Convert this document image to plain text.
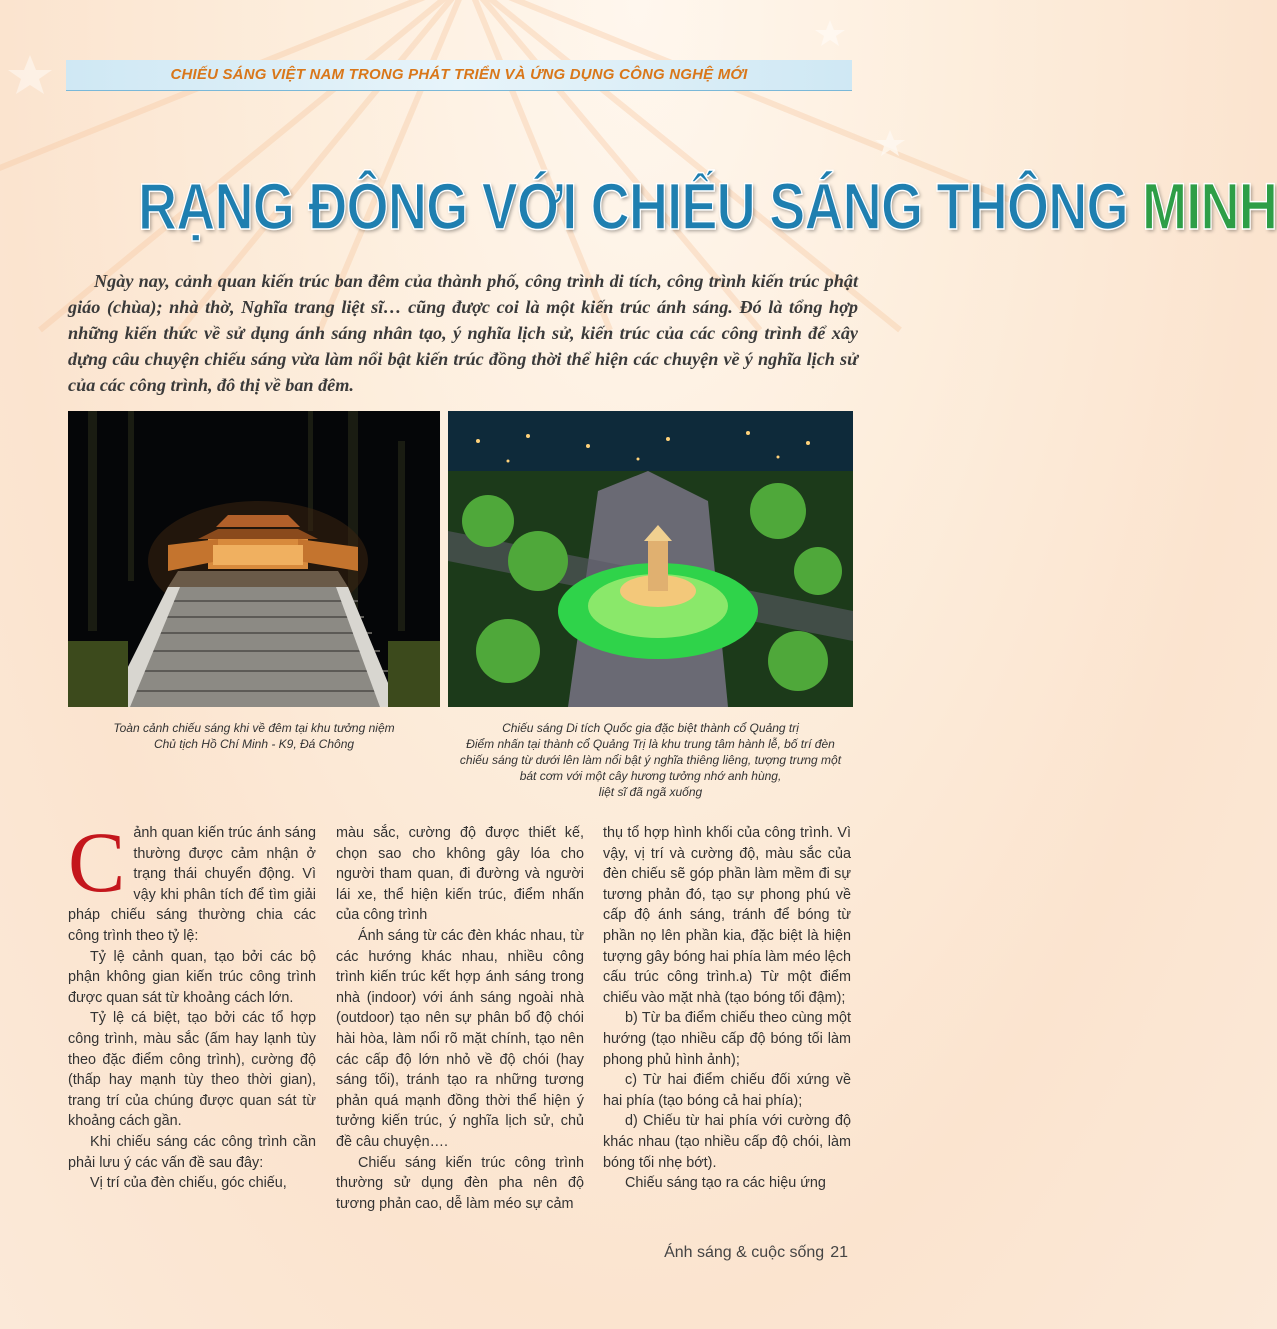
CHIẾU SÁNG VIỆT NAM TRONG PHÁT TRIỂN VÀ ỨNG DỤNG CÔNG NGHỆ MỚI
RẠNG ĐÔNG VỚI CHIẾU SÁNG THÔNG MINH

Ngày nay, cảnh quan kiến trúc ban đêm của thành phố, công trình di tích, công trình kiến trúc phật giáo (chùa); nhà thờ, Nghĩa trang liệt sĩ… cũng được coi là một kiến trúc ánh sáng. Đó là tổng hợp những kiến thức về sử dụng ánh sáng nhân tạo, ý nghĩa lịch sử, kiến trúc của các công trình để xây dựng câu chuyện chiếu sáng vừa làm nổi bật kiến trúc đồng thời thể hiện các chuyện về ý nghĩa lịch sử của các công trình, đô thị về ban đêm.

Toàn cảnh chiếu sáng khi về đêm tại khu tưởng niệm
Chủ tịch Hồ Chí Minh - K9, Đá Chông
Chiếu sáng Di tích Quốc gia đặc biệt thành cổ Quảng trị
Điểm nhấn tại thành cổ Quảng Trị là khu trung tâm hành lễ, bố trí đèn
chiếu sáng từ dưới lên làm nổi bật ý nghĩa thiêng liêng, tượng trưng một
bát cơm với một cây hương tưởng nhớ anh hùng,
liệt sĩ đã ngã xuống
C ảnh quan kiến trúc ánh sáng thường được cảm nhận ở trạng thái chuyển động. Vì vậy khi phân tích để tìm giải pháp chiếu sáng thường chia các công trình theo tỷ lệ:

Tỷ lệ cảnh quan, tạo bởi các bộ phận không gian kiến trúc công trình được quan sát từ khoảng cách lớn.

Tỷ lệ cá biệt, tạo bởi các tổ hợp công trình, màu sắc (ấm hay lạnh tùy theo đặc điểm công trình), cường độ (thấp hay mạnh tùy theo thời gian), trang trí của chúng được quan sát từ khoảng cách gần.

Khi chiếu sáng các công trình cần phải lưu ý các vấn đề sau đây:

Vị trí của đèn chiếu, góc chiếu,

màu sắc, cường độ được thiết kế, chọn sao cho không gây lóa cho người tham quan, đi đường và người lái xe, thể hiện kiến trúc, điểm nhấn của công trình

Ánh sáng từ các đèn khác nhau, từ các hướng khác nhau, nhiều công trình kiến trúc kết hợp ánh sáng trong nhà (indoor) với ánh sáng ngoài nhà (outdoor) tạo nên sự phân bổ độ chói hài hòa, làm nổi rõ mặt chính, tạo nên các cấp độ lớn nhỏ về độ chói (hay sáng tối), tránh tạo ra những tương phản quá mạnh đồng thời thể hiện ý tưởng kiến trúc, ý nghĩa lịch sử, chủ đề câu chuyện….

Chiếu sáng kiến trúc công trình thường sử dụng đèn pha nên độ tương phản cao, dễ làm méo sự cảm

thụ tổ hợp hình khối của công trình. Vì vậy, vị trí và cường độ, màu sắc của đèn chiếu sẽ góp phần làm mềm đi sự tương phản đó, tạo sự phong phú về cấp độ ánh sáng, tránh để bóng từ phần nọ lên phần kia, đặc biệt là hiện tượng gây bóng hai phía làm méo lệch cấu trúc công trình.a) Từ một điểm chiếu vào mặt nhà (tạo bóng tối đậm);

b) Từ ba điểm chiếu theo cùng một hướng (tạo nhiều cấp độ bóng tối làm phong phủ hình ảnh);

c) Từ hai điểm chiếu đối xứng về hai phía (tạo bóng cả hai phía);

d) Chiếu từ hai phía với cường độ khác nhau (tạo nhiều cấp độ chói, làm bóng tối nhẹ bớt).

Chiếu sáng tạo ra các hiệu ứng

Ánh sáng & cuộc sống 21
